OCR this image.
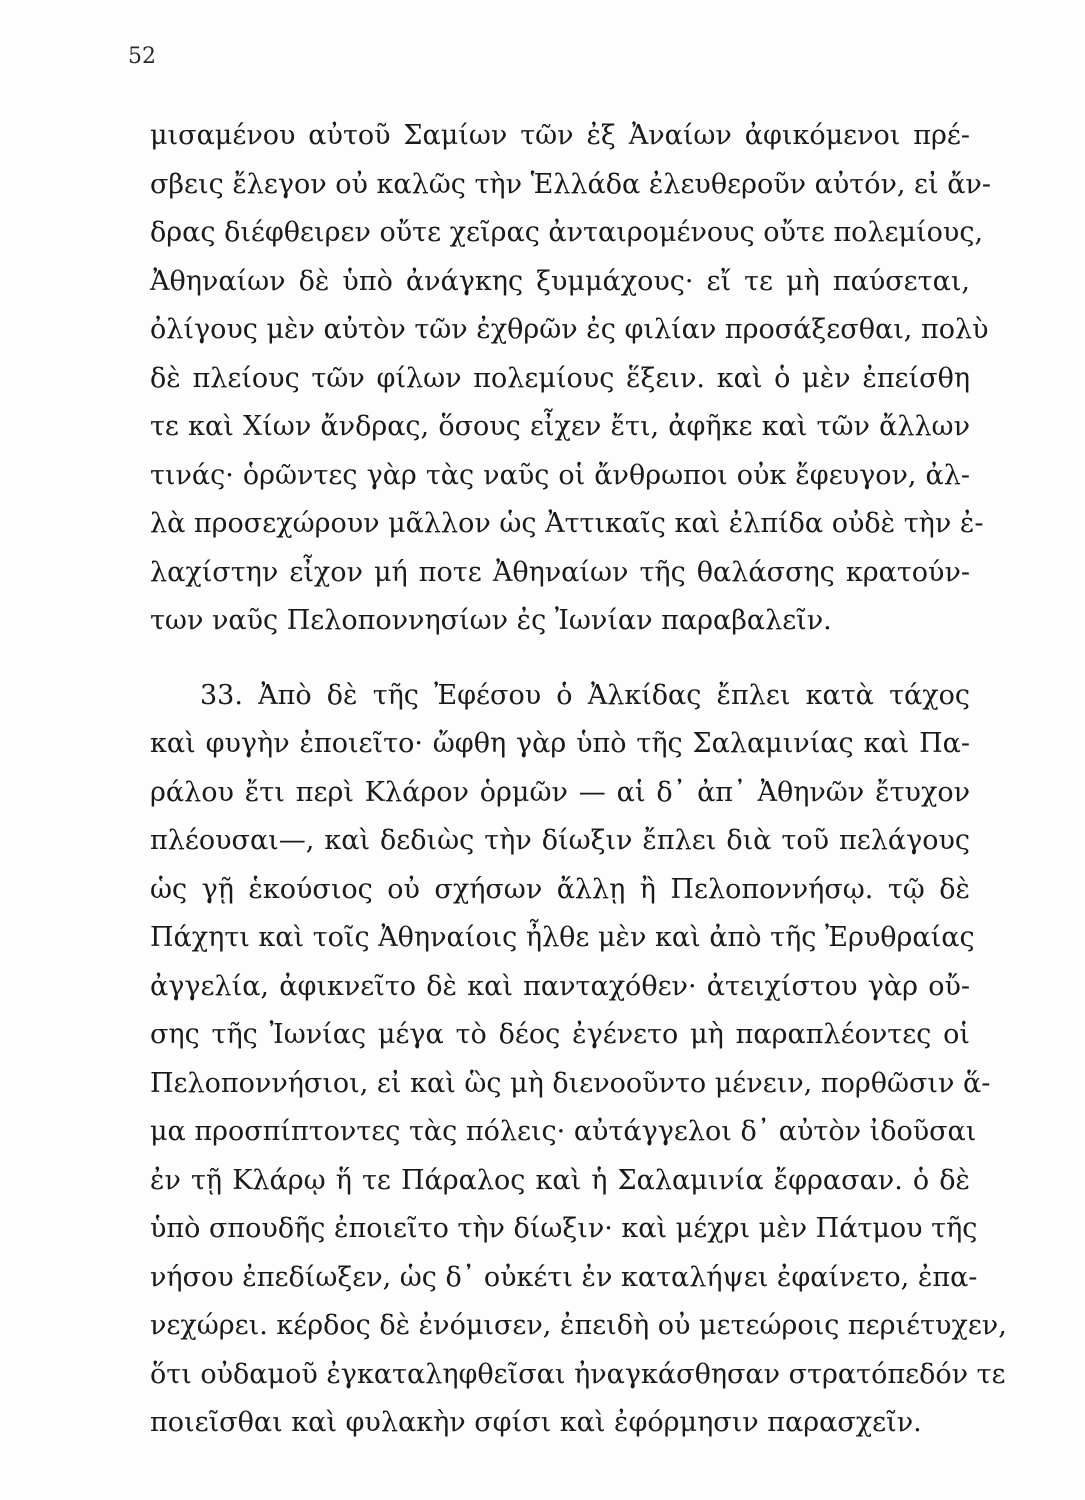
52
μισαμένου αὐτοῦ Σαμίων τῶν ἐξ Ἀναίων ἀφικόμενοι πρέ-
σβεις ἔλεγον οὐ καλῶς τὴν Ἑλλάδα ἐλευθεροῦν αὐτόν, εἰ ἄν-
δρας διέφθειρεν οὔτε χεῖρας ἀνταιρομένους οὔτε πολεμίους,
Ἀθηναίων δὲ ὑπὸ ἀνάγκης ξυμμάχους· εἴ τε μὴ παύσεται,
ὀλίγους μὲν αὐτὸν τῶν ἐχθρῶν ἐς φιλίαν προσάξεσθαι, πολὺ
δὲ πλείους τῶν φίλων πολεμίους ἕξειν. καὶ ὁ μὲν ἐπείσθη
τε καὶ Χίων ἄνδρας, ὅσους εἶχεν ἔτι, ἀφῆκε καὶ τῶν ἄλλων
τινάς· ὁρῶντες γὰρ τὰς ναῦς οἱ ἄνθρωποι οὐκ ἔφευγον, ἀλ-
λὰ προσεχώρουν μᾶλλον ὡς Ἀττικαῖς καὶ ἐλπίδα οὐδὲ τὴν ἐ-
λαχίστην εἶχον μή ποτε Ἀθηναίων τῆς θαλάσσης κρατούν-
των ναῦς Πελοποννησίων ἐς Ἰωνίαν παραβαλεῖν.
33. Ἀπὸ δὲ τῆς Ἐφέσου ὁ Ἀλκίδας ἔπλει κατὰ τάχος
καὶ φυγὴν ἐποιεῖτο· ὤφθη γὰρ ὑπὸ τῆς Σαλαμινίας καὶ Πα-
ράλου ἔτι περὶ Κλάρον ὁρμῶν — αἱ δ᾽ ἀπ᾽ Ἀθηνῶν ἔτυχον
πλέουσαι—, καὶ δεδιὼς τὴν δίωξιν ἔπλει διὰ τοῦ πελάγους
ὡς γῇ ἑκούσιος οὐ σχήσων ἄλλῃ ἢ Πελοποννήσῳ. τῷ δὲ
Πάχητι καὶ τοῖς Ἀθηναίοις ἦλθε μὲν καὶ ἀπὸ τῆς Ἐρυθραίας
ἀγγελία, ἀφικνεῖτο δὲ καὶ πανταχόθεν· ἀτειχίστου γὰρ οὔ-
σης τῆς Ἰωνίας μέγα τὸ δέος ἐγένετο μὴ παραπλέοντες οἱ
Πελοποννήσιοι, εἰ καὶ ὣς μὴ διενοοῦντο μένειν, πορθῶσιν ἅ-
μα προσπίπτοντες τὰς πόλεις· αὐτάγγελοι δ᾽ αὐτὸν ἰδοῦσαι
ἐν τῇ Κλάρῳ ἥ τε Πάραλος καὶ ἡ Σαλαμινία ἔφρασαν. ὁ δὲ
ὑπὸ σπουδῆς ἐποιεῖτο τὴν δίωξιν· καὶ μέχρι μὲν Πάτμου τῆς
νήσου ἐπεδίωξεν, ὡς δ᾽ οὐκέτι ἐν καταλήψει ἐφαίνετο, ἐπα-
νεχώρει. κέρδος δὲ ἐνόμισεν, ἐπειδὴ οὐ μετεώροις περιέτυχεν,
ὅτι οὐδαμοῦ ἐγκαταληφθεῖσαι ἠναγκάσθησαν στρατόπεδόν τε
ποιεῖσθαι καὶ φυλακὴν σφίσι καὶ ἐφόρμησιν παρασχεῖν.
